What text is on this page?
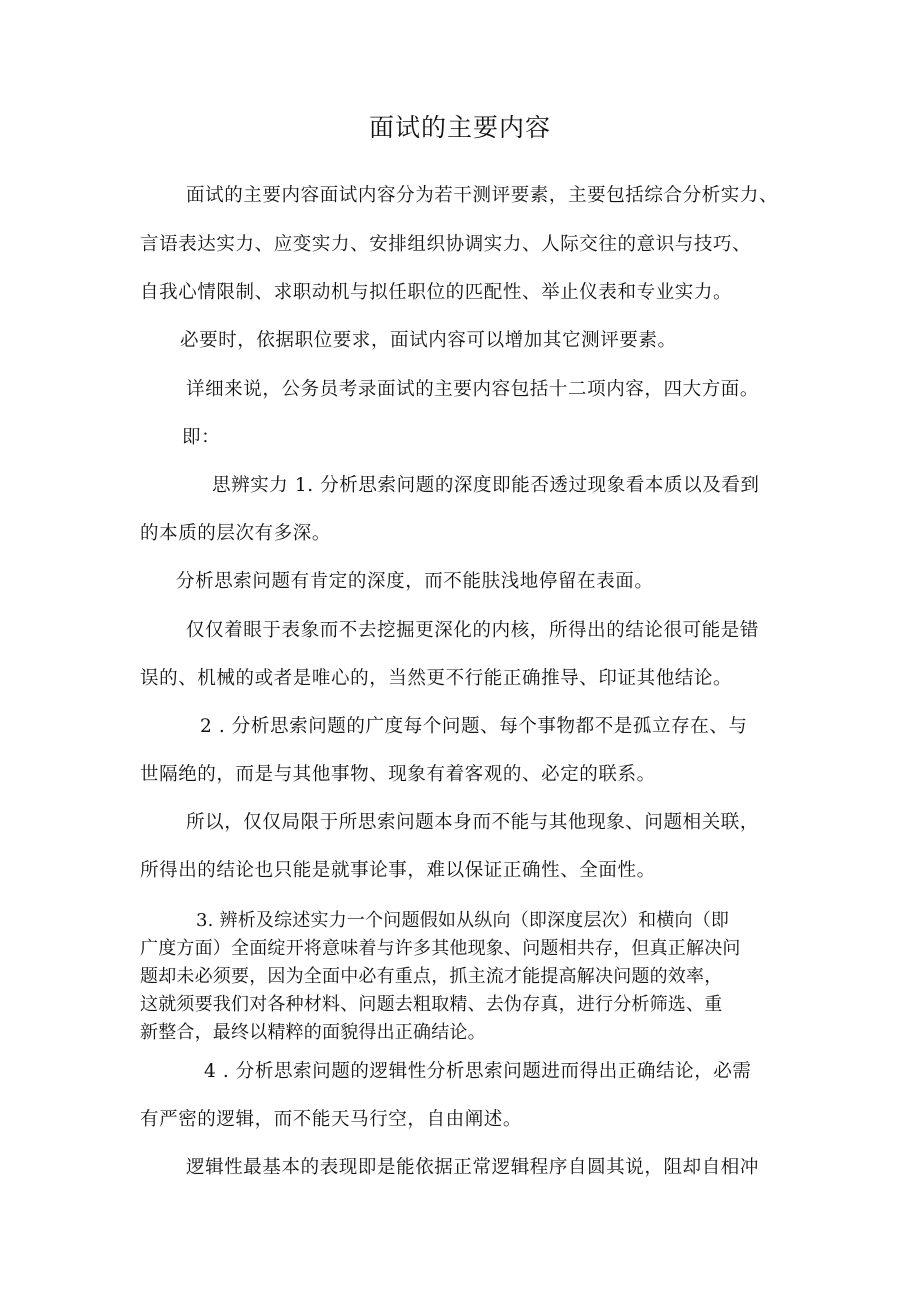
面试的主要内容
面试的主要内容面试内容分为若干测评要素，主要包括综合分析实力、
言语表达实力、应变实力、安排组织协调实力、人际交往的意识与技巧、
自我心情限制、求职动机与拟任职位的匹配性、举止仪表和专业实力。
必要时，依据职位要求，面试内容可以增加其它测评要素。
详细来说，公务员考录面试的主要内容包括十二项内容，四大方面。
即：
思辨实力 1. 分析思索问题的深度即能否透过现象看本质以及看到
的本质的层次有多深。
分析思索问题有肯定的深度，而不能肤浅地停留在表面。
仅仅着眼于表象而不去挖掘更深化的内核，所得出的结论很可能是错
误的、机械的或者是唯心的，当然更不行能正确推导、印证其他结论。
2 . 分析思索问题的广度每个问题、每个事物都不是孤立存在、与
世隔绝的，而是与其他事物、现象有着客观的、必定的联系。
所以，仅仅局限于所思索问题本身而不能与其他现象、问题相关联，
所得出的结论也只能是就事论事，难以保证正确性、全面性。
3. 辨析及综述实力一个问题假如从纵向（即深度层次）和横向（即
广度方面）全面绽开将意味着与许多其他现象、问题相共存，但真正解决问
题却未必须要，因为全面中必有重点，抓主流才能提高解决问题的效率，
这就须要我们对各种材料、问题去粗取精、去伪存真，进行分析筛选、重
新整合，最终以精粹的面貌得出正确结论。
4 . 分析思索问题的逻辑性分析思索问题进而得出正确结论，必需
有严密的逻辑，而不能天马行空，自由阐述。
逻辑性最基本的表现即是能依据正常逻辑程序自圆其说，阻却自相冲
